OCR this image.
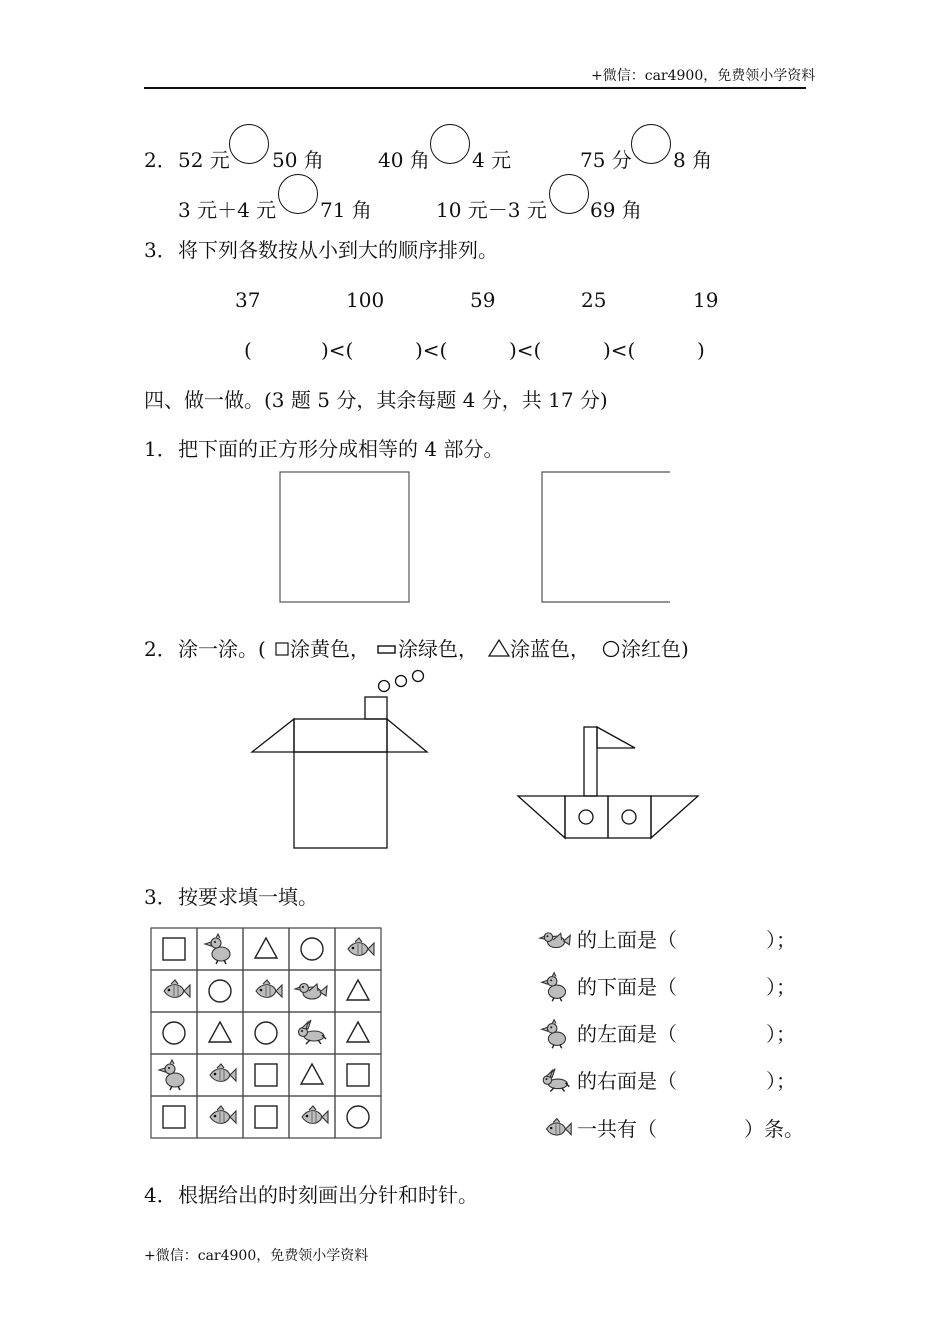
+微信：car4900，免费领小学资料
2． 52 元 50 角	40 角 4 元	75 分 8 角
3 元＋4 元 71 角	10 元－3 元 69 角
3． 将下列各数按从小到大的顺序排列。
37	100	59	25	19
(	)<(	)<(	)<(	)<(	)
四、做一做。(3 题 5 分，其余每题 4 分，共 17 分)
1． 把下面的正方形分成相等的 4 部分。
2． 涂一涂。( 涂黄色， 涂绿色， 涂蓝色， 涂红色)
3． 按要求填一填。
的上面是（	）；
的下面是（	）；
的左面是（	）；
的右面是（	）；
一共有（	）条。
4． 根据给出的时刻画出分针和时针。
+微信：car4900，免费领小学资料
